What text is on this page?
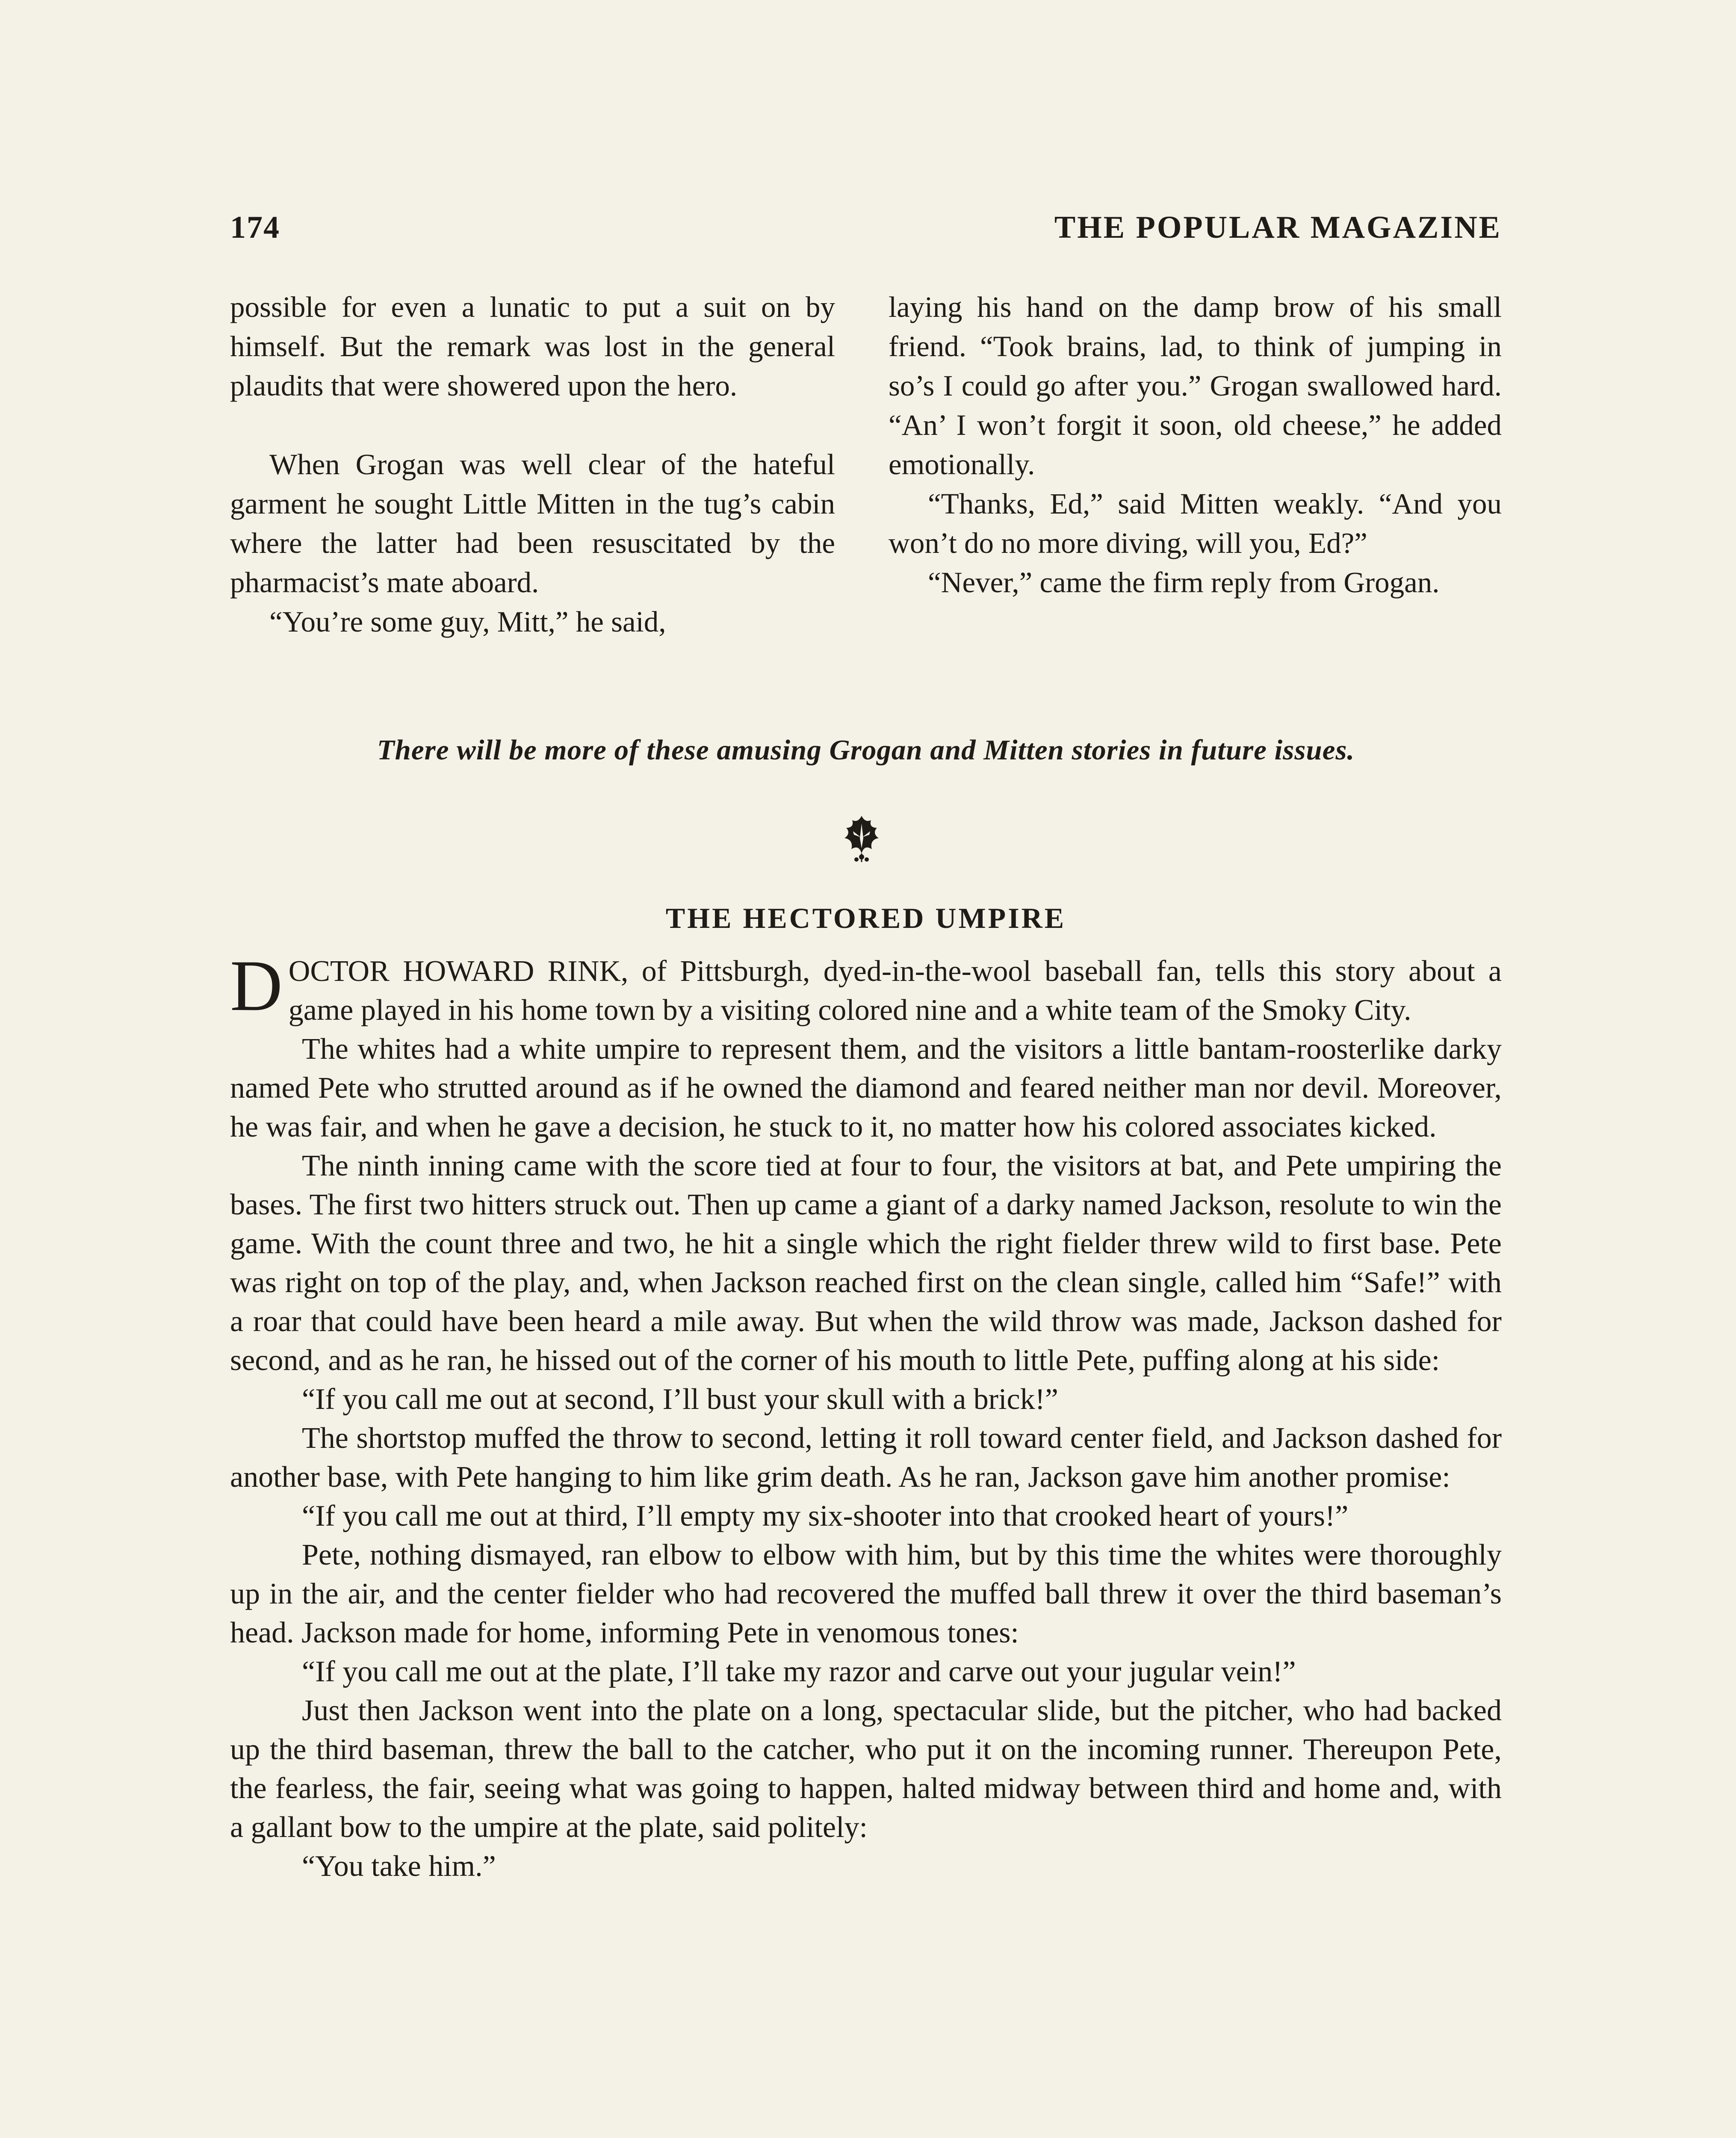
174	THE POPULAR MAGAZINE

possible for even a lunatic to put a suit on by himself. But the remark was lost in the general plaudits that were showered upon the hero.

When Grogan was well clear of the hateful garment he sought Little Mitten in the tug’s cabin where the latter had been resuscitated by the pharmacist’s mate aboard.

“You’re some guy, Mitt,” he said,

laying his hand on the damp brow of his small friend. “Took brains, lad, to think of jumping in so’s I could go after you.” Grogan swallowed hard. “An’ I won’t forgit it soon, old cheese,” he added emotionally.

“Thanks, Ed,” said Mitten weakly. “And you won’t do no more diving, will you, Ed?”

“Never,” came the firm reply from Grogan.

There will be more of these amusing Grogan and Mitten stories in future issues.
THE HECTORED UMPIRE

DOCTOR HOWARD RINK, of Pittsburgh, dyed-in-the-wool baseball fan, tells this story about a game played in his home town by a visiting colored nine and a white team of the Smoky City.

The whites had a white umpire to represent them, and the visitors a little bantam-roosterlike darky named Pete who strutted around as if he owned the diamond and feared neither man nor devil. Moreover, he was fair, and when he gave a decision, he stuck to it, no matter how his colored associates kicked.

The ninth inning came with the score tied at four to four, the visitors at bat, and Pete umpiring the bases. The first two hitters struck out. Then up came a giant of a darky named Jackson, resolute to win the game. With the count three and two, he hit a single which the right fielder threw wild to first base. Pete was right on top of the play, and, when Jackson reached first on the clean single, called him “Safe!” with a roar that could have been heard a mile away. But when the wild throw was made, Jackson dashed for second, and as he ran, he hissed out of the corner of his mouth to little Pete, puffing along at his side:

“If you call me out at second, I’ll bust your skull with a brick!”

The shortstop muffed the throw to second, letting it roll toward center field, and Jackson dashed for another base, with Pete hanging to him like grim death. As he ran, Jackson gave him another promise:

“If you call me out at third, I’ll empty my six-shooter into that crooked heart of yours!”

Pete, nothing dismayed, ran elbow to elbow with him, but by this time the whites were thoroughly up in the air, and the center fielder who had recovered the muffed ball threw it over the third baseman’s head. Jackson made for home, informing Pete in venomous tones:

“If you call me out at the plate, I’ll take my razor and carve out your jugular vein!”

Just then Jackson went into the plate on a long, spectacular slide, but the pitcher, who had backed up the third baseman, threw the ball to the catcher, who put it on the incoming runner. Thereupon Pete, the fearless, the fair, seeing what was going to happen, halted midway between third and home and, with a gallant bow to the umpire at the plate, said politely:

“You take him.”
